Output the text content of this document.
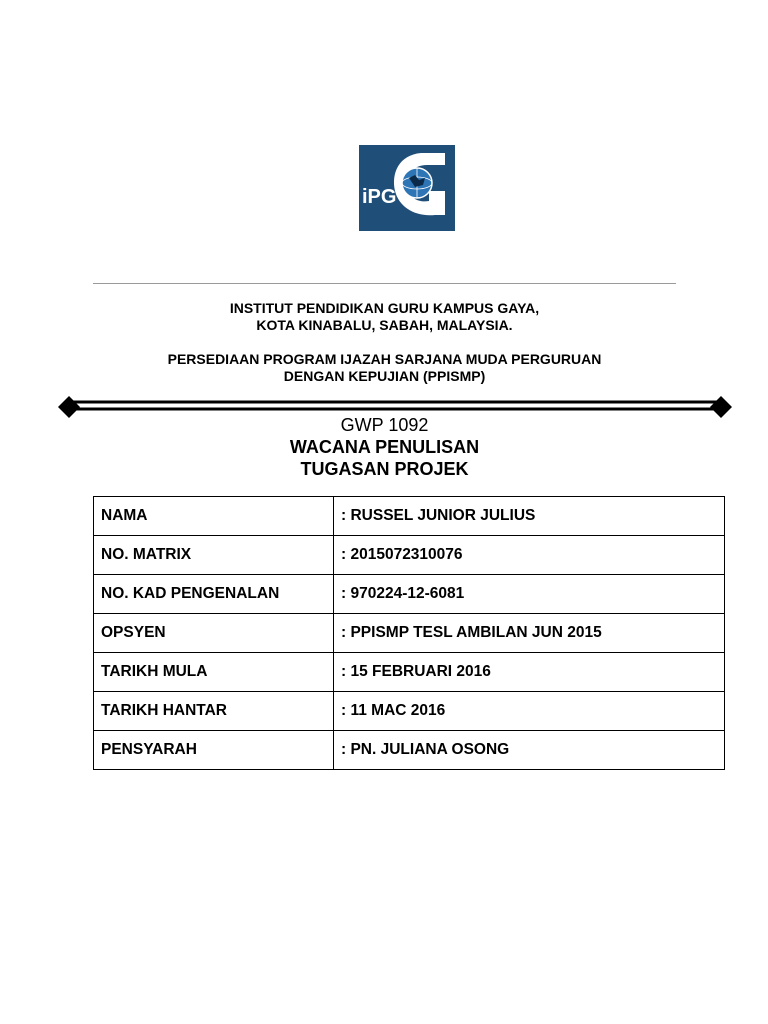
iPG
INSTITUT PENDIDIKAN GURU KAMPUS GAYA,
KOTA KINABALU, SABAH, MALAYSIA.
PERSEDIAAN PROGRAM IJAZAH SARJANA MUDA PERGURUAN
DENGAN KEPUJIAN (PPISMP)
GWP 1092
WACANA PENULISAN
TUGASAN PROJEK
NAMA	: RUSSEL JUNIOR JULIUS
NO. MATRIX	: 2015072310076
NO. KAD PENGENALAN	: 970224-12-6081
OPSYEN	: PPISMP TESL AMBILAN JUN 2015
TARIKH MULA	: 15 FEBRUARI 2016
TARIKH HANTAR	: 11 MAC 2016
PENSYARAH	: PN. JULIANA OSONG
